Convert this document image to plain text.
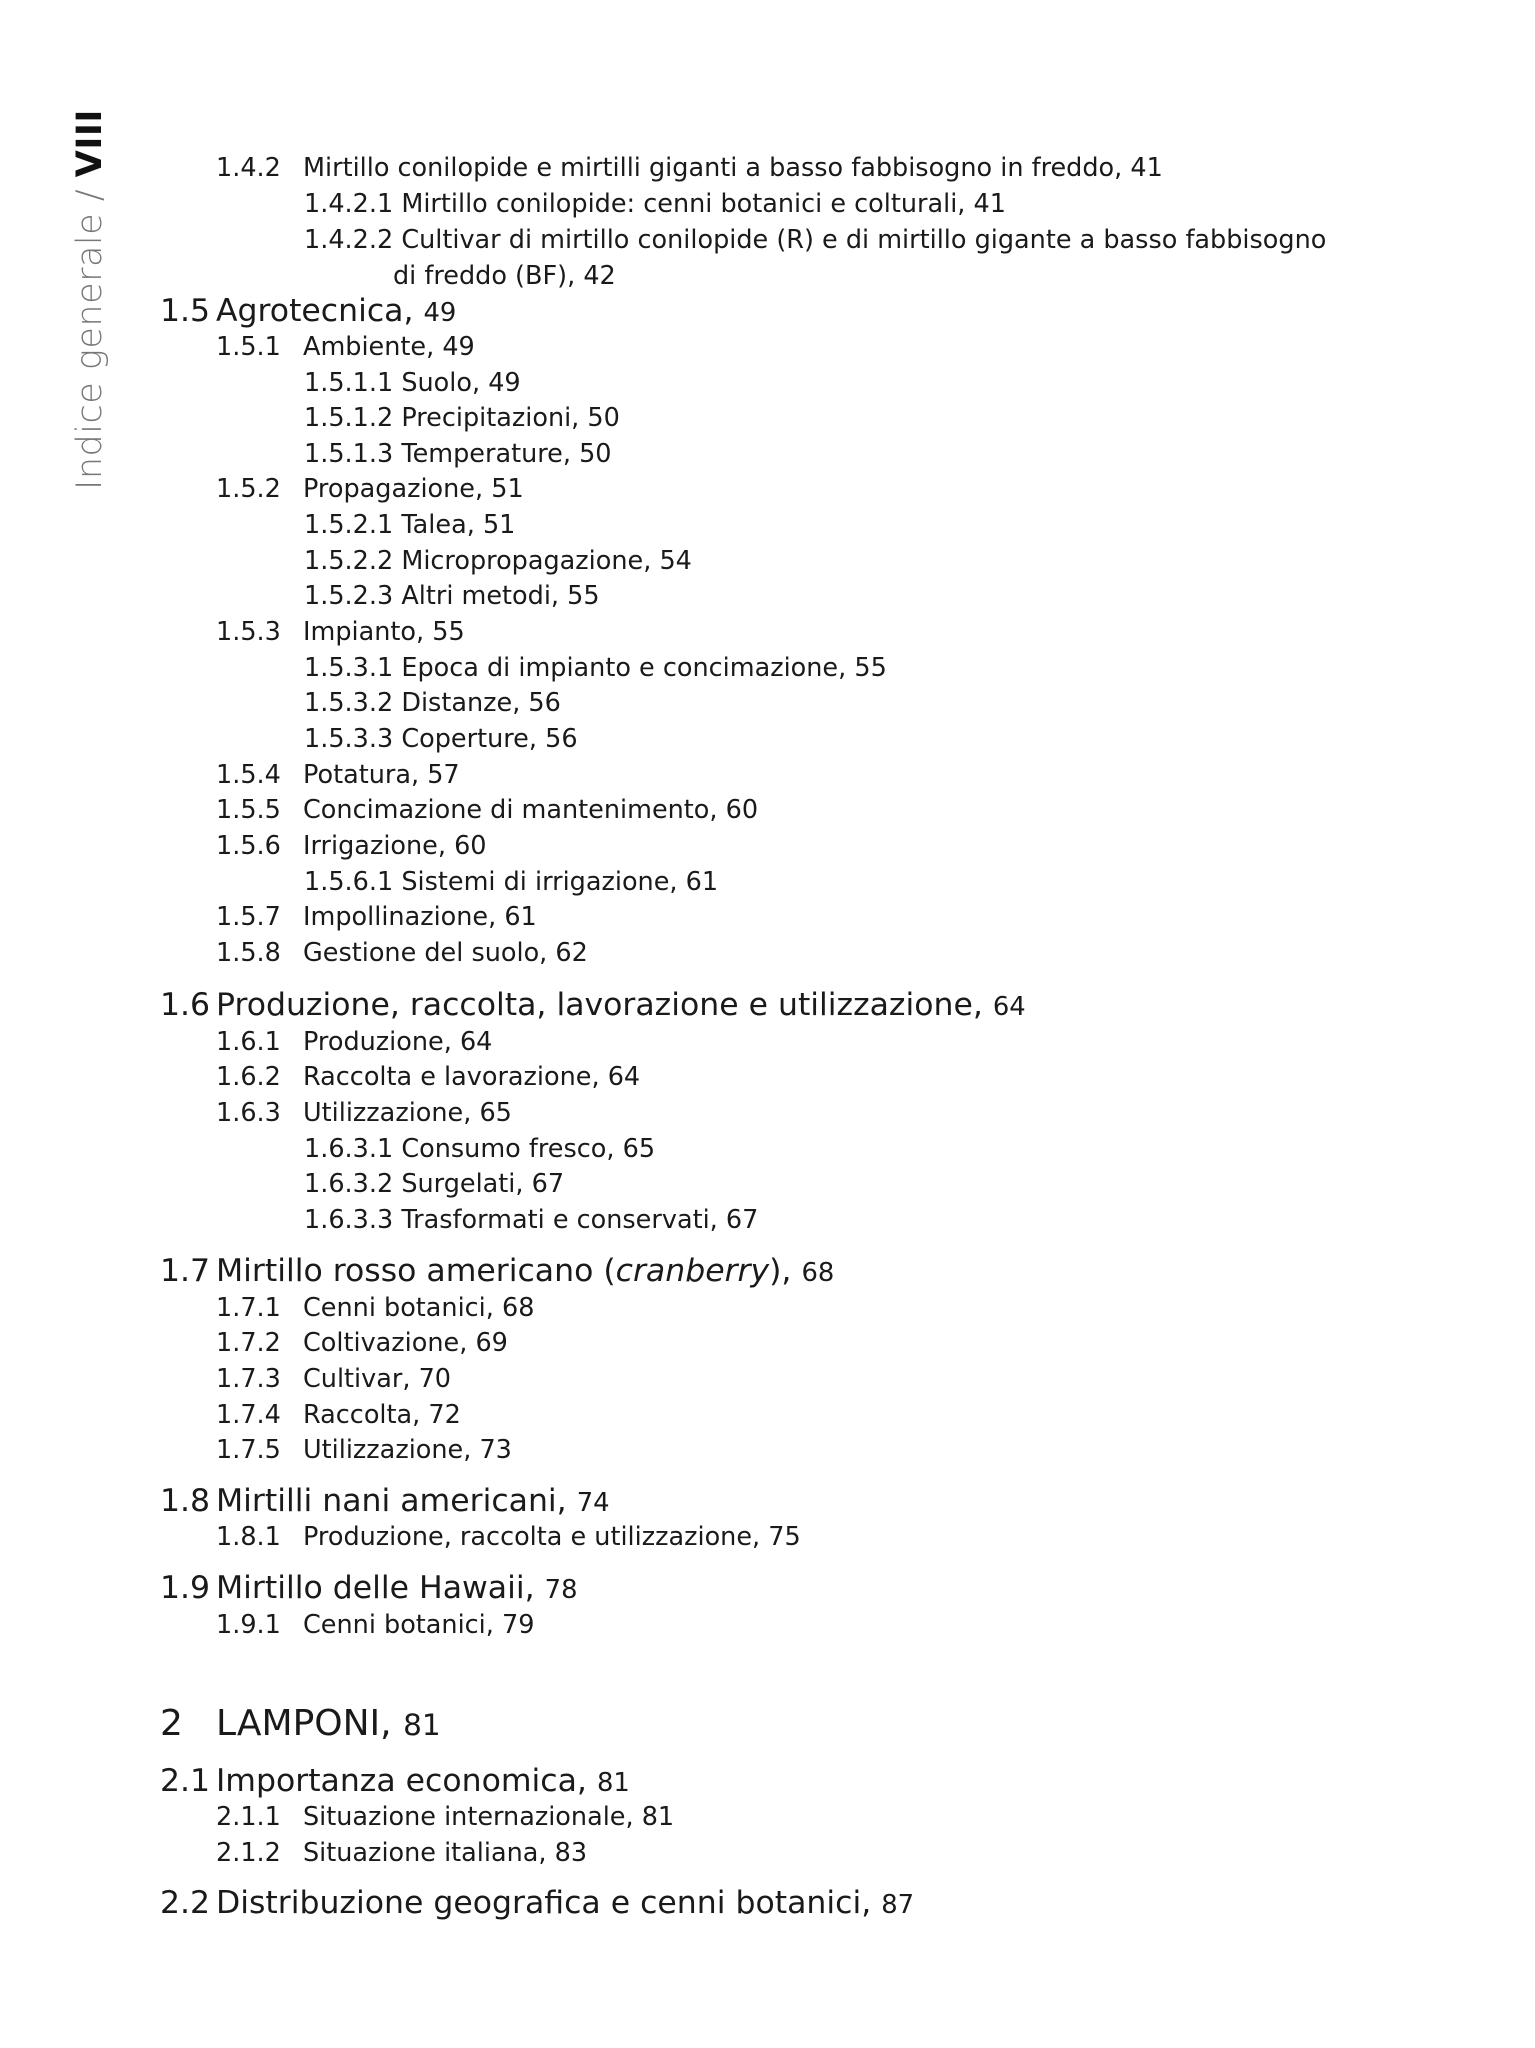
Indice generale / VIII	1.4.2 Mirtillo conilopide e mirtilli giganti a basso fabbisogno in freddo, 41
1.4.2.1 Mirtillo conilopide: cenni botanici e colturali, 41
1.4.2.2 Cultivar di mirtillo conilopide (R) e di mirtillo gigante a basso fabbisogno
di freddo (BF), 42
1.5 Agrotecnica, 49
1.5.1 Ambiente, 49
1.5.1.1 Suolo, 49
1.5.1.2 Precipitazioni, 50
1.5.1.3 Temperature, 50
1.5.2 Propagazione, 51
1.5.2.1 Talea, 51
1.5.2.2 Micropropagazione, 54
1.5.2.3 Altri metodi, 55
1.5.3 Impianto, 55
1.5.3.1 Epoca di impianto e concimazione, 55
1.5.3.2 Distanze, 56
1.5.3.3 Coperture, 56
1.5.4 Potatura, 57
1.5.5 Concimazione di mantenimento, 60
1.5.6 Irrigazione, 60
1.5.6.1 Sistemi di irrigazione, 61
1.5.7 Impollinazione, 61
1.5.8 Gestione del suolo, 62
1.6 Produzione, raccolta, lavorazione e utilizzazione, 64
1.6.1 Produzione, 64
1.6.2 Raccolta e lavorazione, 64
1.6.3 Utilizzazione, 65
1.6.3.1 Consumo fresco, 65
1.6.3.2 Surgelati, 67
1.6.3.3 Trasformati e conservati, 67
1.7 Mirtillo rosso americano (cranberry), 68
1.7.1 Cenni botanici, 68
1.7.2 Coltivazione, 69
1.7.3 Cultivar, 70
1.7.4 Raccolta, 72
1.7.5 Utilizzazione, 73
1.8 Mirtilli nani americani, 74
1.8.1 Produzione, raccolta e utilizzazione, 75
1.9 Mirtillo delle Hawaii, 78
1.9.1 Cenni botanici, 79
2 LAMPONI, 81
2.1 Importanza economica, 81
2.1.1 Situazione internazionale, 81
2.1.2 Situazione italiana, 83
2.2 Distribuzione geografica e cenni botanici, 87
